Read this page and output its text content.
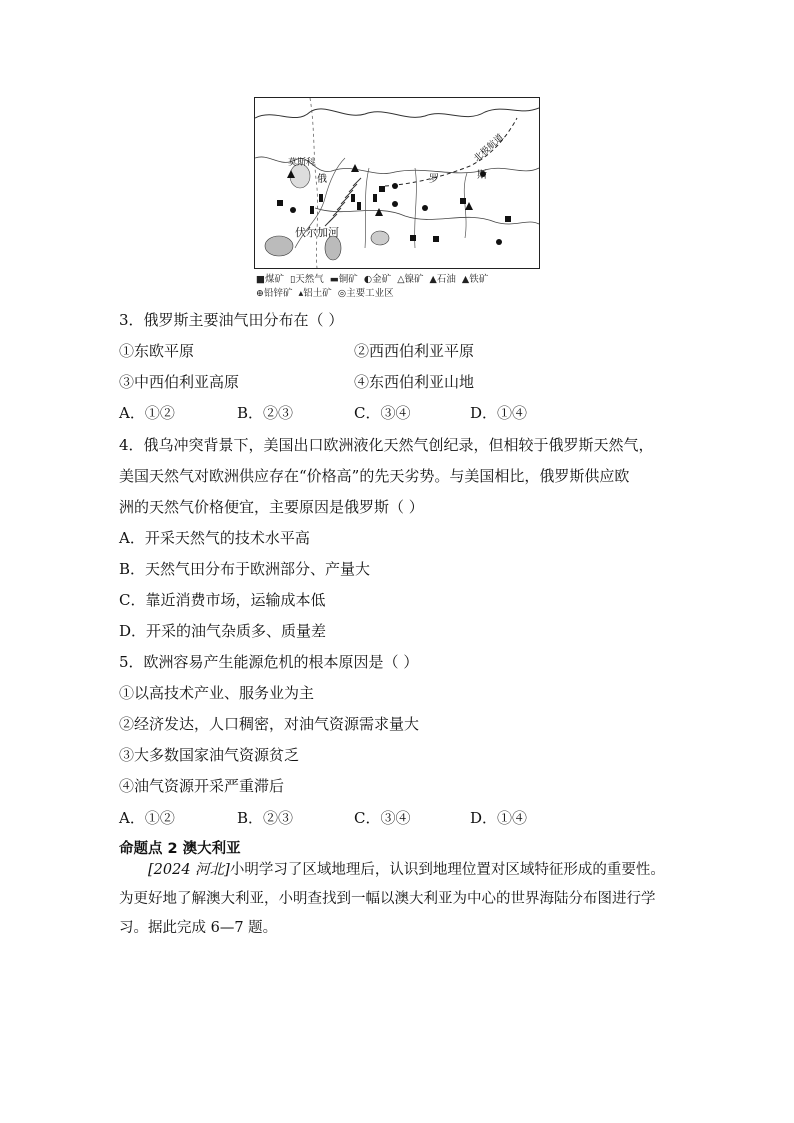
莫斯科
俄	罗	斯
伏尔加河
北极航道
■煤矿 ▯天然气 ▬铜矿 ◐金矿 △镍矿 ▲石油 ▲铁矿
⊕铅锌矿 ▴铝土矿 ◎主要工业区
3．俄罗斯主要油气田分布在（ ）
①东欧平原	②西西伯利亚平原
③中西伯利亚高原	④东西伯利亚山地
A．①②	B．②③	C．③④	D．①④
4．俄乌冲突背景下，美国出口欧洲液化天然气创纪录，但相较于俄罗斯天然气，
美国天然气对欧洲供应存在“价格高”的先天劣势。与美国相比，俄罗斯供应欧
洲的天然气价格便宜，主要原因是俄罗斯（ ）
A．开采天然气的技术水平高
B．天然气田分布于欧洲部分、产量大
C．靠近消费市场，运输成本低
D．开采的油气杂质多、质量差
5．欧洲容易产生能源危机的根本原因是（ ）
①以高技术产业、服务业为主
②经济发达，人口稠密，对油气资源需求量大
③大多数国家油气资源贫乏
④油气资源开采严重滞后
A．①②	B．②③	C．③④	D．①④
命题点 2 澳大利亚
[2024 河北]小明学习了区域地理后，认识到地理位置对区域特征形成的重要性。为更好地了解澳大利亚，小明查找到一幅以澳大利亚为中心的世界海陆分布图进行学习。据此完成 6—7 题。
